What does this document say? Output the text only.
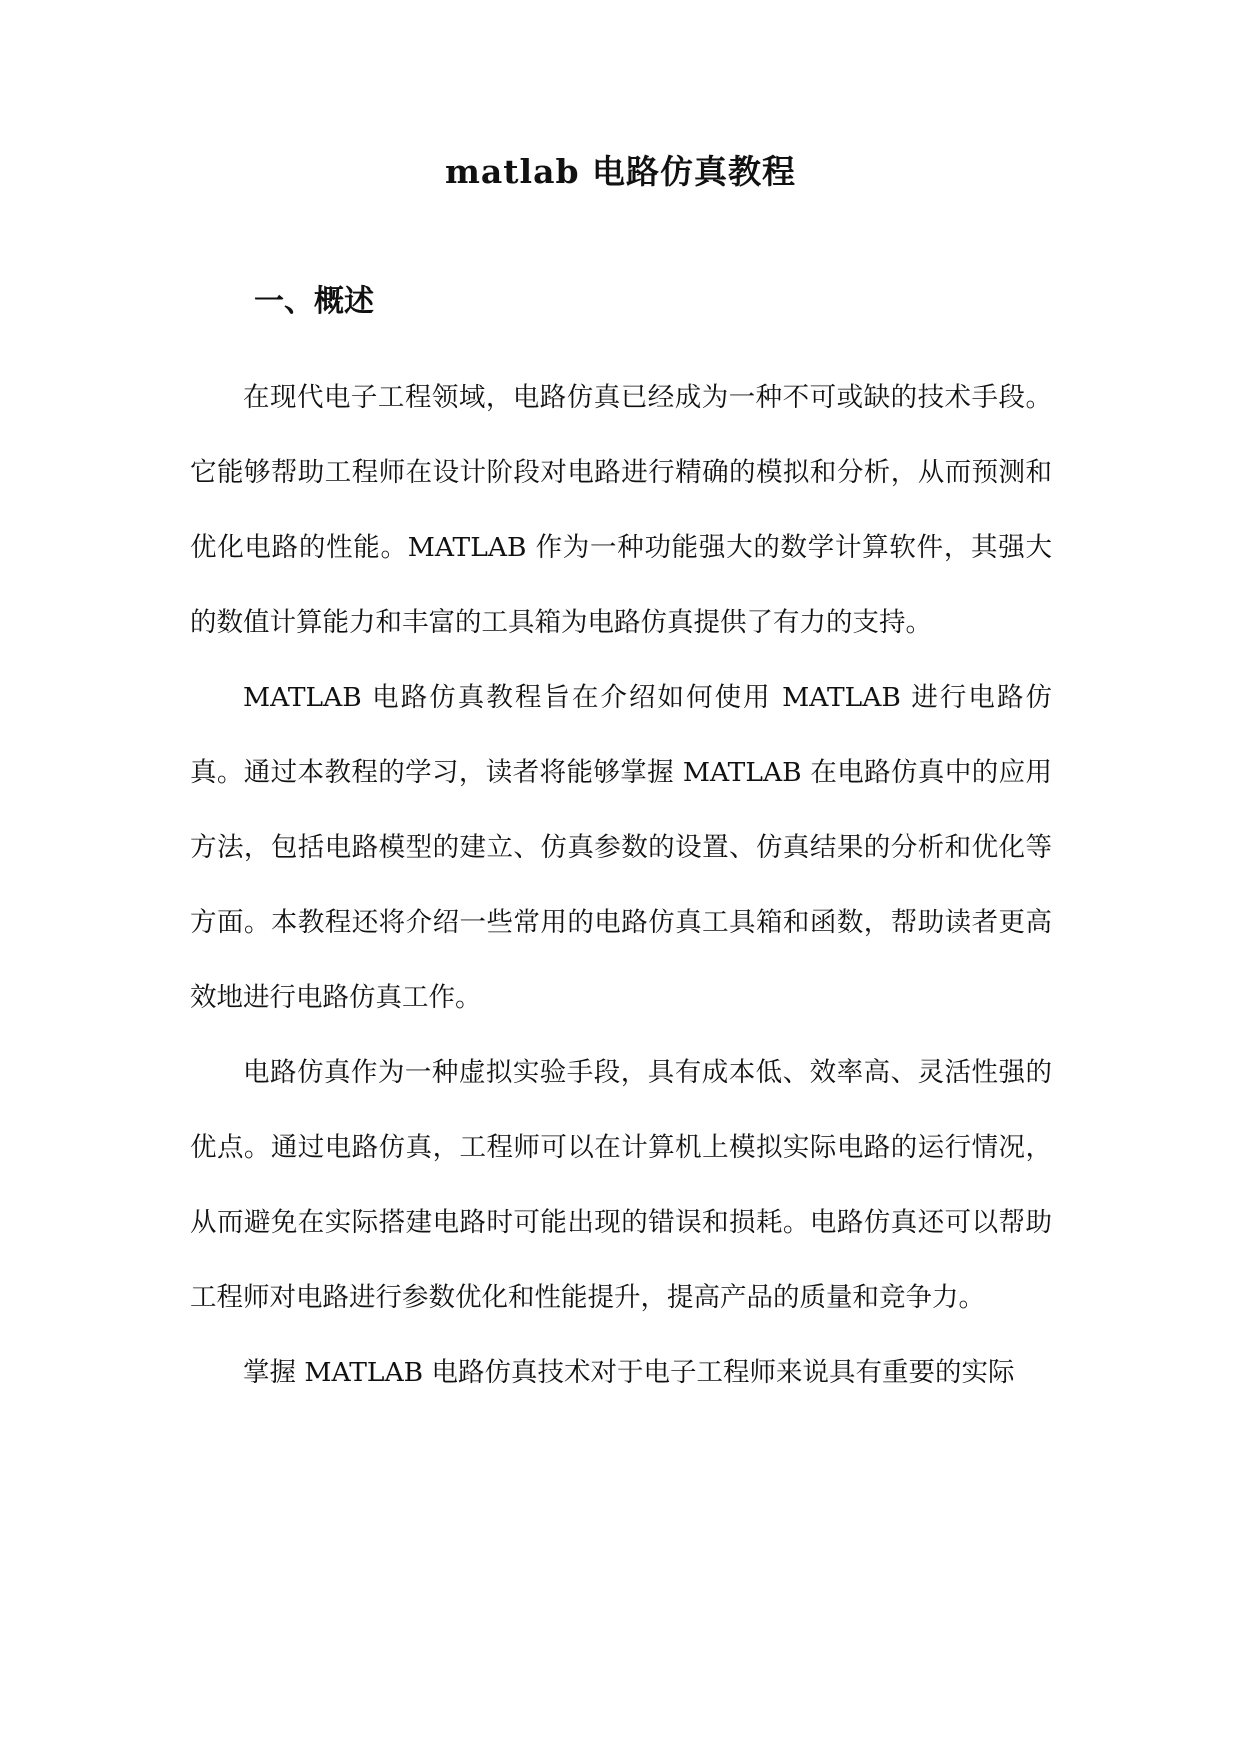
matlab 电路仿真教程
一、概述

在现代电子工程领域，电路仿真已经成为一种不可或缺的技术手段。它能够帮助工程师在设计阶段对电路进行精确的模拟和分析，从而预测和优化电路的性能。MATLAB 作为一种功能强大的数学计算软件，其强大的数值计算能力和丰富的工具箱为电路仿真提供了有力的支持。

MATLAB 电路仿真教程旨在介绍如何使用 MATLAB 进行电路仿真。通过本教程的学习，读者将能够掌握 MATLAB 在电路仿真中的应用方法，包括电路模型的建立、仿真参数的设置、仿真结果的分析和优化等方面。本教程还将介绍一些常用的电路仿真工具箱和函数，帮助读者更高效地进行电路仿真工作。

电路仿真作为一种虚拟实验手段，具有成本低、效率高、灵活性强的优点。通过电路仿真，工程师可以在计算机上模拟实际电路的运行情况，从而避免在实际搭建电路时可能出现的错误和损耗。电路仿真还可以帮助工程师对电路进行参数优化和性能提升，提高产品的质量和竞争力。

掌握 MATLAB 电路仿真技术对于电子工程师来说具有重要的实际
